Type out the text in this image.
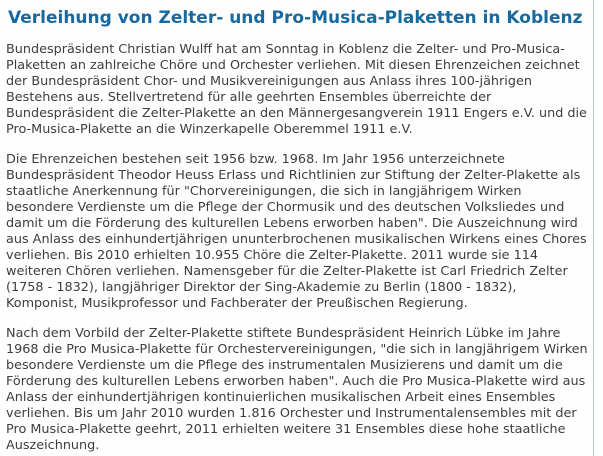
Verleihung von Zelter- und Pro-Musica-Plaketten in Koblenz

Bundespräsident Christian Wulff hat am Sonntag in Koblenz die Zelter- und Pro-Musica-Plaketten an zahlreiche Chöre und Orchester verliehen. Mit diesen Ehrenzeichen zeichnet der Bundespräsident Chor- und Musikvereinigungen aus Anlass ihres 100-jährigen Bestehens aus. Stellvertretend für alle geehrten Ensembles überreichte der Bundespräsident die Zelter-Plakette an den Männergesangverein 1911 Engers e.V. und die Pro-Musica-Plakette an die Winzerkapelle Oberemmel 1911 e.V.

Die Ehrenzeichen bestehen seit 1956 bzw. 1968. Im Jahr 1956 unterzeichnete Bundespräsident Theodor Heuss Erlass und Richtlinien zur Stiftung der Zelter-Plakette als staatliche Anerkennung für "Chorvereinigungen, die sich in langjährigem Wirken besondere Verdienste um die Pflege der Chormusik und des deutschen Volksliedes und damit um die Förderung des kulturellen Lebens erworben haben". Die Auszeichnung wird aus Anlass des einhundertjährigen ununterbrochenen musikalischen Wirkens eines Chores verliehen. Bis 2010 erhielten 10.955 Chöre die Zelter-Plakette. 2011 wurde sie 114 weiteren Chören verliehen. Namensgeber für die Zelter-Plakette ist Carl Friedrich Zelter (1758 - 1832), langjähriger Direktor der Sing-Akademie zu Berlin (1800 - 1832), Komponist, Musikprofessor und Fachberater der Preußischen Regierung.

Nach dem Vorbild der Zelter-Plakette stiftete Bundespräsident Heinrich Lübke im Jahre 1968 die Pro Musica-Plakette für Orchestervereinigungen, "die sich in langjährigem Wirken besondere Verdienste um die Pflege des instrumentalen Musizierens und damit um die Förderung des kulturellen Lebens erworben haben". Auch die Pro Musica-Plakette wird aus Anlass der einhundertjährigen kontinuierlichen musikalischen Arbeit eines Ensembles verliehen. Bis um Jahr 2010 wurden 1.816 Orchester und Instrumentalensembles mit der Pro Musica-Plakette geehrt, 2011 erhielten weitere 31 Ensembles diese hohe staatliche Auszeichnung.
